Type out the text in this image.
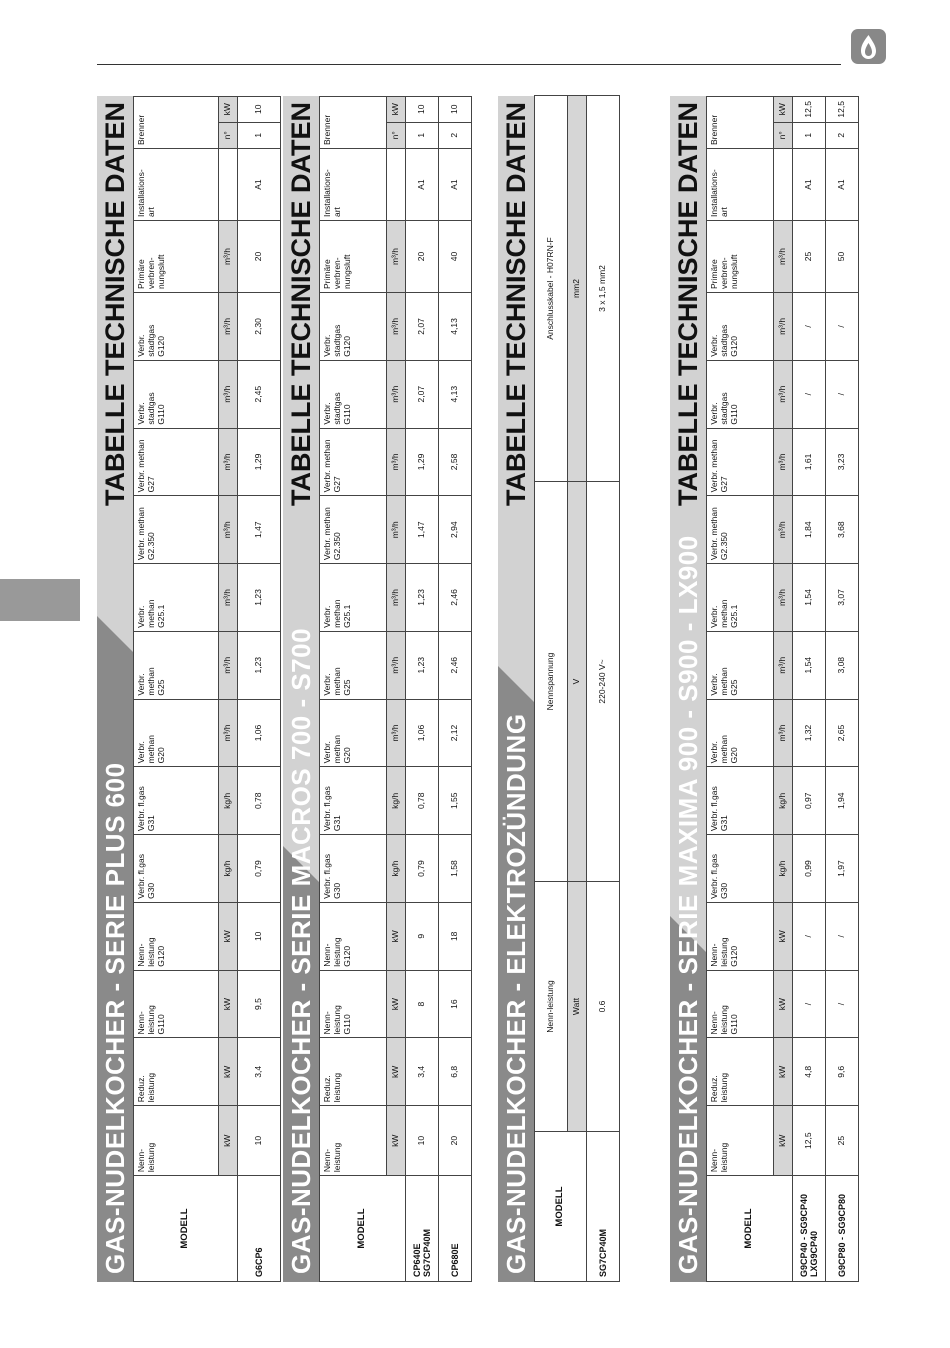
GAS-NUDELKOCHER - SERIE PLUS 600
TABELLE TECHNISCHE DATEN
MODELL	Nenn-
leistung	Reduz.
leistung	Nenn-
leistung
G110	Nenn-
leistung
G120	Verbr. fl.gas
G30	Verbr. fl.gas
G31	Verbr.
methan
G20	Verbr.
methan
G25	Verbr.
methan
G25.1	Verbr. methan
G2.350	Verbr. methan
G27	Verbr.
stadtgas
G110	Verbr.
stadtgas
G120	Primäre
verbren-
nungsluft	Installations-
art	Brenner	
	kW	kW	kW	kW	kg/h	kg/h	m³/h	m³/h	m³/h	m³/h	m³/h	m³/h	m³/h	m³/h		n°	kW
G6CP6	10	3,4	9,5	10	0,79	0,78	1,06	1,23	1,23	1,47	1,29	2,45	2,30	20	A1	1	10
GAS-NUDELKOCHER - SERIE MACROS 700 - S700
TABELLE TECHNISCHE DATEN
MODELL	Nenn-
leistung	Reduz.
leistung	Nenn-
leistung
G110	Nenn-
leistung
G120	Verbr. fl.gas
G30	Verbr. fl.gas
G31	Verbr.
methan
G20	Verbr.
methan
G25	Verbr.
methan
G25.1	Verbr. methan
G2.350	Verbr. methan
G27	Verbr.
stadtgas
G110	Verbr.
stadtgas
G120	Primäre
verbren-
nungsluft	Installations-
art	Brenner	
	kW	kW	kW	kW	kg/h	kg/h	m³/h	m³/h	m³/h	m³/h	m³/h	m³/h	m³/h	m³/h		n°	kW
CP640E
SG7CP40M	10	3,4	8	9	0,79	0,78	1,06	1,23	1,23	1,47	1,29	2,07	2,07	20	A1	1	10
CP680E	20	6,8	16	18	1,58	1,55	2,12	2,46	2,46	2,94	2,58	4,13	4,13	40	A1	2	10
GAS-NUDELKOCHER - ELEKTROZÜNDUNG
TABELLE TECHNISCHE DATEN
MODELL	Nenn-leistung	Nennspannung	Anschlusskabel - H07RN-F
	Watt	V	mm2
SG7CP40M	0.6	220-240 V~	3 x 1,5 mm2
GAS-NUDELKOCHER - SERIE MAXIMA 900 - S900 - LX900
TABELLE TECHNISCHE DATEN
MODELL	Nenn-
leistung	Reduz.
leistung	Nenn-
leistung
G110	Nenn-
leistung
G120	Verbr. fl.gas
G30	Verbr. fl.gas
G31	Verbr.
methan
G20	Verbr.
methan
G25	Verbr.
methan
G25.1	Verbr. methan
G2.350	Verbr. methan
G27	Verbr.
stadtgas
G110	Verbr.
stadtgas
G120	Primäre
verbren-
nungsluft	Installations-
art	Brenner	
	kW	kW	kW	kW	kg/h	kg/h	m³/h	m³/h	m³/h	m³/h	m³/h	m³/h	m³/h	m³/h		n°	kW
G9CP40 - SG9CP40
LXG9CP40	12,5	4,8	/	/	0,99	0,97	1,32	1,54	1,54	1,84	1,61	/	/	25	A1	1	12,5
G9CP80 - SG9CP80	25	9,6	/	/	1,97	1,94	2,65	3,08	3,07	3,68	3,23	/	/	50	A1	2	12,5
